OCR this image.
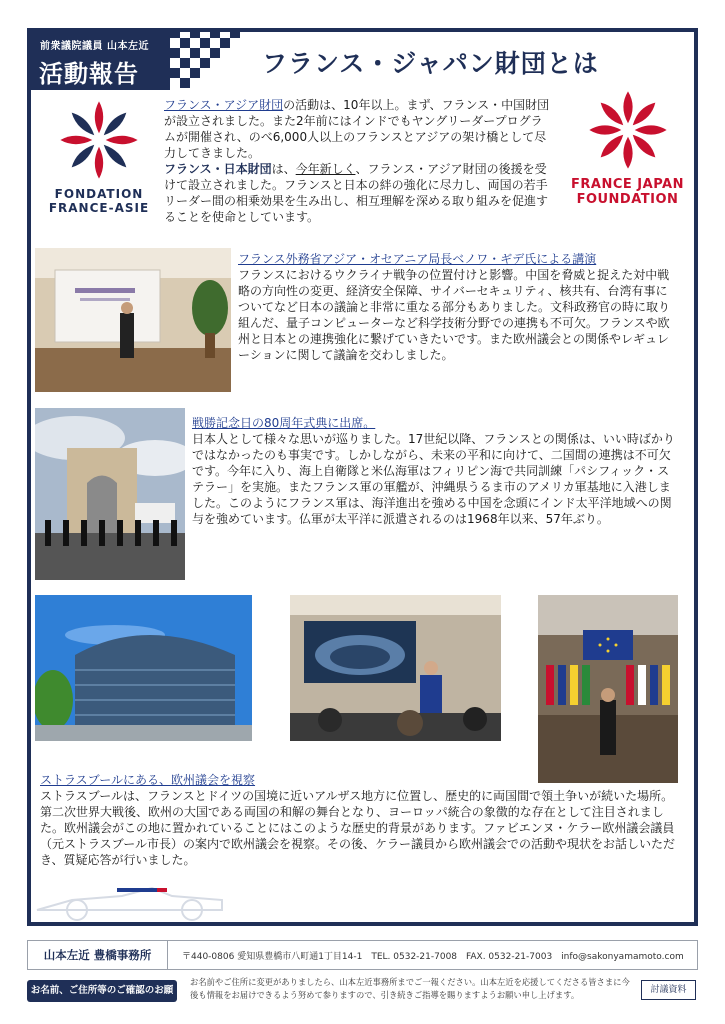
前衆議院議員 山本左近
活動報告	フランス・ジャパン財団とは
FONDATION
FRANCE-ASIE
FRANCE JAPAN
FOUNDATION
フランス・アジア財団の活動は、10年以上。まず、フランス・中国財団が設立されました。また2年前にはインドでもヤングリーダープログラムが開催され、のべ6,000人以上のフランスとアジアの架け橋として尽力してきました。
フランス・日本財団は、今年新しく、フランス・アジア財団の後援を受けて設立されました。フランスと日本の絆の強化に尽力し、両国の若手リーダー間の相乗効果を生み出し、相互理解を深める取り組みを促進することを使命としています。
フランス外務省アジア・オセアニア局長ベノワ・ギデ氏による講演
フランスにおけるウクライナ戦争の位置付けと影響。中国を脅威と捉えた対中戦略の方向性の変更、経済安全保障、サイバーセキュリティ、核共有、台湾有事についてなど日本の議論と非常に重なる部分もありました。文科政務官の時に取り組んだ、量子コンピューターなど科学技術分野での連携も不可欠。フランスや欧州と日本との連携強化に繋げていきたいです。また欧州議会との関係やレギュレーションに関して議論を交わしました。
戦勝記念日の80周年式典に出席。
日本人として様々な思いが巡りました。17世紀以降、フランスとの関係は、いい時ばかりではなかったのも事実です。しかしながら、未来の平和に向けて、二国間の連携は不可欠です。今年に入り、海上自衛隊と米仏海軍はフィリピン海で共同訓練「パシフィック・ステラー」を実施。またフランス軍の軍艦が、沖縄県うるま市のアメリカ軍基地に入港しました。このようにフランス軍は、海洋進出を強める中国を念頭にインド太平洋地域への関与を強めています。仏軍が太平洋に派遣されるのは1968年以来、57年ぶり。
ストラスブールにある、欧州議会を視察
ストラスブールは、フランスとドイツの国境に近いアルザス地方に位置し、歴史的に両国間で領土争いが続いた場所。第二次世界大戦後、欧州の大国である両国の和解の舞台となり、ヨーロッパ統合の象徴的な存在として注目されました。欧州議会がこの地に置かれていることにはこのような歴史的背景があります。ファビエンヌ・ケラー欧州議会議員（元ストラスブール市長）の案内で欧州議会を視察。その後、ケラー議員から欧州議会での活動や現状をお話しいただき、質疑応答が行いました。
山本左近 豊橋事務所	〒440-0806 愛知県豊橋市八町通1丁目14-1　TEL. 0532-21-7008　FAX. 0532-21-7003　info@sakonyamamoto.com
お名前、ご住所等のご確認のお願い
お名前やご住所に変更がありましたら、山本左近事務所までご一報ください。山本左近を応援してくださる皆さまに今後も情報をお届けできるよう努めて参りますので、引き続きご指導を賜りますようお願い申し上げます。	討議資料
